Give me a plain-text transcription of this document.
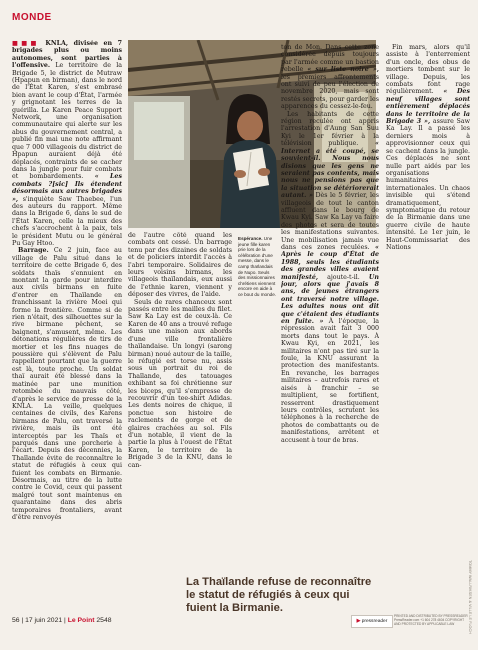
MONDE

■■■ KNLA, divisée en 7 brigades plus ou moins autonomes, sont parties à l'offensive. Le territoire de la Brigade 5, le district de Mutraw (Hpapun en birman), dans le nord de l'État Karen, s'est embrasé bien avant le coup d'État, l'armée y grignotant les terres de la guérilla. Le Karen Peace Support Network, une organisation communautaire qui alerte sur les abus du gouvernement central, a publié fin mai une note affirmant que 7 000 villageois du district de Hpapun auraient déjà été déplacés, contraints de se cacher dans la jungle pour fuir combats et bombardements. « Les combats ?[sic] Ils étendent désormais aux autres brigades », s'inquiète Saw Thaebee, l'un des auteurs du rapport. Même dans la Brigade 6, dans le sud de l'État Karen, celle la mieux des chefs s'accrochent à la paix, tels le président Mutu ou le général Pu Gay Htoo.

Barrage. Ce 2 juin, face au village de Palu situé dans le territoire de cette Brigade 6, des soldats thaïs s'ennuient en montant la garde pour interdire aux civils birmans en fuite d'entrer en Thaïlande en franchissant la rivière Moei qui forme la frontière. Comme si de rien n'était, des silhouettes sur la rive birmane pêchent, se baignent, s'amusent, même. Les détonations régulières de tirs de mortier et les fins nuages de poussière qui s'élèvent de Palu rappellent pourtant que la guerre est là, toute proche. Un soldat thaï aurait été blessé dans la matinée par une munition retombée du mauvais côté, d'après le service de presse de la KNLA. La veille, quelques centaines de civils, des Karens birmans de Palu, ont traversé la rivière, mais ils ont été interceptés par les Thaïs et parqués dans une porcherie à l'écart. Depuis des décennies, la Thaïlande évite de reconnaître le statut de réfugiés à ceux qui fuient les combats en Birmanie. Désormais, au titre de la lutte contre le Covid, ceux qui passent malgré tout sont maintenus en quarantaine dans des abris temporaires frontaliers, avant d'être renvoyés

de l'autre côté quand les combats ont cessé. Un barrage tenu par des dizaines de soldats et de policiers interdit l'accès à l'abri temporaire. Solidaires de leurs voisins birmans, les villageois thaïlandais, eux aussi de l'ethnie karen, viennent y déposer des vivres, de l'aide.

Seuls de rares chanceux sont passés entre les mailles du filet. Saw Ka Lay est de ceux-là. Ce Karen de 40 ans a trouvé refuge dans une maison aux abords d'une ville frontalière thaïlandaise. Un longyi (sarong birman) noué autour de la taille, le réfugié est torse nu, assis sous un portrait du roi de Thaïlande, des tatouages exhibant sa foi chrétienne sur les biceps, qu'il s'empresse de recouvrir d'un tee-shirt Adidas. Les dents noires de chique, il ponctue son histoire de raclements de gorge et de glaires crachées au sol. Fils d'un notable, il vient de la partie la plus à l'ouest de l'État Karen, le territoire de la Brigade 3 de la KNU, dans le can-

Espérance. Une jeune fille karen prie lors de la célébration d'une messe, dans le camp thaïlandais de Nupo. Seuls des missionnaires chrétiens viennent encore en aide à ce bout du monde.

ton de Mon. Dans cette zone considérée depuis toujours par l'armée comme un bastion rebelle « sur liste noire », les premiers affrontements ont suivi de peu l'élection de novembre 2020, mais sont restés secrets, pour garder les apparences du cessez-le-feu.

Les habitants de cette région reculée ont appris l'arrestation d'Aung San Suu Kyi le 1er février à la télévision publique. « Internet a été coupé, se souvient-il. Nous nous disions que les gens ne seraient pas contents, mais nous ne pensions pas que la situation se détériorerait autant. » Dès le 5 février, les villageois de tout le canton affluent dans le bourg de Kwau Kyi. Saw Ka Lay va faire des photos et sera de toutes les manifestations suivantes. Une mobilisation jamais vue dans ces zones reculées. « Après le coup d'État de 1988, seuls les étudiants des grandes villes avaient manifesté, ajoute-t-il. Un jour, alors que j'avais 8 ans, de jeunes étrangers ont traversé notre village. Les adultes nous ont dit que c'étaient des étudiants en fuite. » À l'époque, la répression avait fait 3 000 morts dans tout le pays. À Kwau Kyi, en 2021, les militaires n'ont pas tiré sur la foule, la KNU assurant la protection des manifestants. En revanche, les barrages militaires – autrefois rares et aisés à franchir – se multiplient, se fortifient, resserrent drastiquement leurs contrôles, scrutent les téléphones à la recherche de photos de combattants ou de manifestations, arrêtent et accusent à tour de bras.

Fin mars, alors qu'il assiste à l'enterrement d'un oncle, des obus de mortiers tombent sur le village. Depuis, les combats font rage régulièrement. « Des neuf villages sont entièrement déplacés dans le territoire de la Brigade 3 », assure Saw Ka Lay. Il a passé les derniers mois à approvisionner ceux qui se cachent dans la jungle. Ces déplacés ne sont nulle part aidés par les organisations humanitaires internationales. Un chaos invisible qui s'étend dramatiquement, symptomatique du retour de la Birmanie dans une guerre civile de haute intensité. Le 1er juin, le Haut-Commissariat des Nations

La Thaïlande refuse de reconnaître le statut de réfugiés à ceux qui fuient la Birmanie.	TOMMY WALLRIKSEN & VILLE LE FLOCH
56 | 17 juin 2021 | Le Point 2548	▶ pressreader
PRINTED AND DISTRIBUTED BY PRESSREADER PressReader.com +1 604 278 4604 COPYRIGHT AND PROTECTED BY APPLICABLE LAW
